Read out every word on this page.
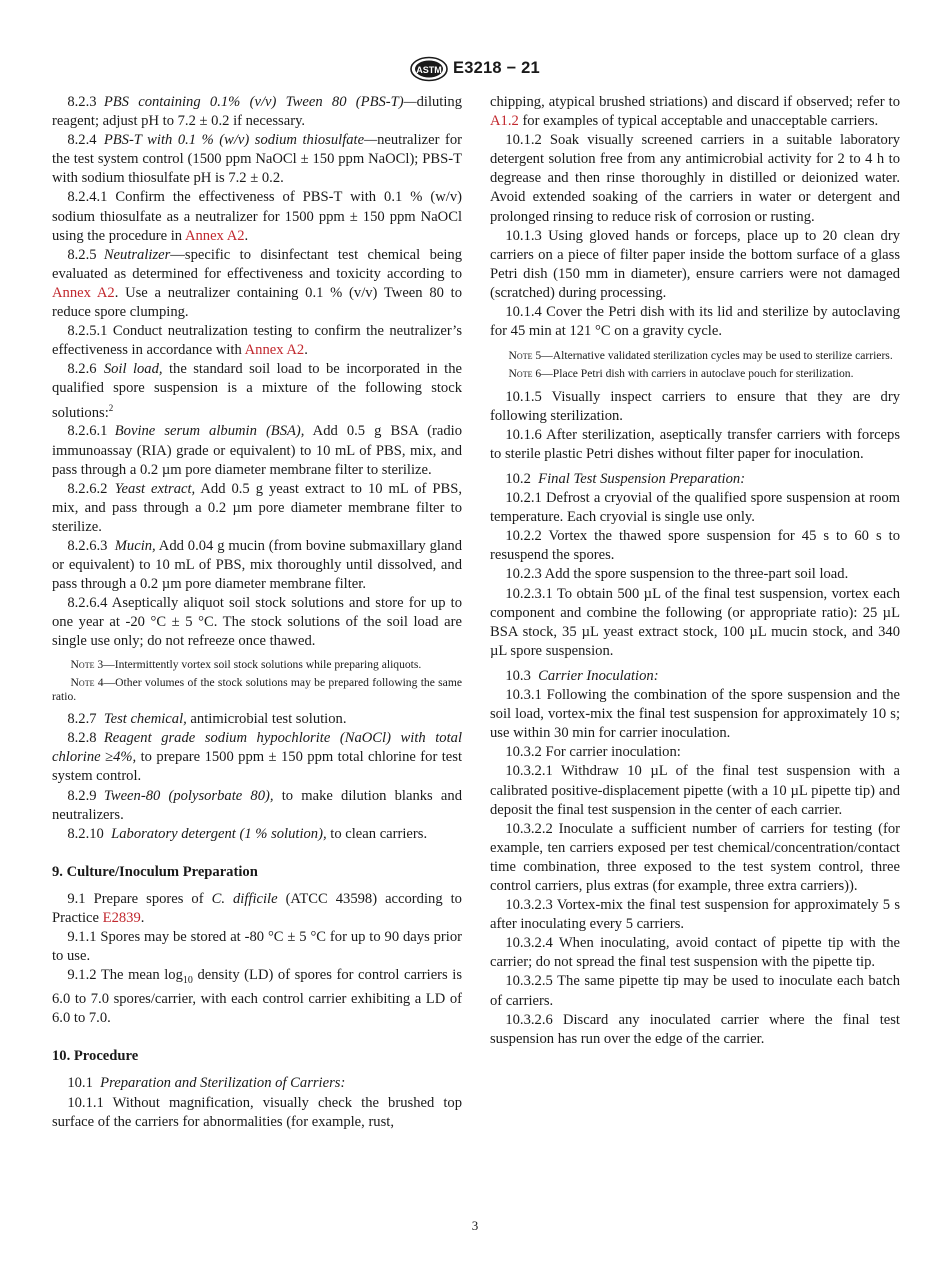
ASTM E3218 − 21

8.2.3  PBS containing 0.1% (v/v) Tween 80 (PBS-T)—diluting reagent; adjust pH to 7.2 ± 0.2 if necessary.

8.2.4  PBS-T with 0.1 % (w/v) sodium thiosulfate—neutralizer for the test system control (1500 ppm NaOCl ± 150 ppm NaOCl); PBS-T with sodium thiosulfate pH is 7.2 ± 0.2.

8.2.4.1 Confirm the effectiveness of PBS-T with 0.1 % (w/v) sodium thiosulfate as a neutralizer for 1500 ppm ± 150 ppm NaOCl using the procedure in Annex A2.

8.2.5  Neutralizer—specific to disinfectant test chemical being evaluated as determined for effectiveness and toxicity according to Annex A2. Use a neutralizer containing 0.1 % (v/v) Tween 80 to reduce spore clumping.

8.2.5.1 Conduct neutralization testing to confirm the neutralizer’s effectiveness in accordance with Annex A2.

8.2.6  Soil load, the standard soil load to be incorporated in the qualified spore suspension is a mixture of the following stock solutions:$^2$

8.2.6.1  Bovine serum albumin (BSA), Add 0.5 g BSA (radio immunoassay (RIA) grade or equivalent) to 10 mL of PBS, mix, and pass through a 0.2 µm pore diameter membrane filter to sterilize.

8.2.6.2  Yeast extract, Add 0.5 g yeast extract to 10 mL of PBS, mix, and pass through a 0.2 µm pore diameter membrane filter to sterilize.

8.2.6.3  Mucin, Add 0.04 g mucin (from bovine submaxillary gland or equivalent) to 10 mL of PBS, mix thoroughly until dissolved, and pass through a 0.2 µm pore diameter membrane filter.

8.2.6.4 Aseptically aliquot soil stock solutions and store for up to one year at -20 °C ± 5 °C. The stock solutions of the soil load are single use only; do not refreeze once thawed.

Note 3—Intermittently vortex soil stock solutions while preparing aliquots.

Note 4—Other volumes of the stock solutions may be prepared following the same ratio.

8.2.7  Test chemical, antimicrobial test solution.

8.2.8  Reagent grade sodium hypochlorite (NaOCl) with total chlorine ≥4%, to prepare 1500 ppm ± 150 ppm total chlorine for test system control.

8.2.9  Tween-80 (polysorbate 80), to make dilution blanks and neutralizers.

8.2.10  Laboratory detergent (1 % solution), to clean carriers.

9. Culture/Inoculum Preparation

9.1 Prepare spores of C. difficile (ATCC 43598) according to Practice E2839.

9.1.1 Spores may be stored at -80 °C ± 5 °C for up to 90 days prior to use.

9.1.2 The mean $\log_{10}$ density (LD) of spores for control carriers is 6.0 to 7.0 spores/carrier, with each control carrier exhibiting a LD of 6.0 to 7.0.

10. Procedure

10.1  Preparation and Sterilization of Carriers:

10.1.1 Without magnification, visually check the brushed top surface of the carriers for abnormalities (for example, rust,

chipping, atypical brushed striations) and discard if observed; refer to A1.2 for examples of typical acceptable and unacceptable carriers.

10.1.2 Soak visually screened carriers in a suitable laboratory detergent solution free from any antimicrobial activity for 2 to 4 h to degrease and then rinse thoroughly in distilled or deionized water. Avoid extended soaking of the carriers in water or detergent and prolonged rinsing to reduce risk of corrosion or rusting.

10.1.3 Using gloved hands or forceps, place up to 20 clean dry carriers on a piece of filter paper inside the bottom surface of a glass Petri dish (150 mm in diameter), ensure carriers were not damaged (scratched) during processing.

10.1.4 Cover the Petri dish with its lid and sterilize by autoclaving for 45 min at 121 °C on a gravity cycle.

Note 5—Alternative validated sterilization cycles may be used to sterilize carriers.

Note 6—Place Petri dish with carriers in autoclave pouch for sterilization.

10.1.5 Visually inspect carriers to ensure that they are dry following sterilization.

10.1.6 After sterilization, aseptically transfer carriers with forceps to sterile plastic Petri dishes without filter paper for inoculation.

10.2  Final Test Suspension Preparation:

10.2.1 Defrost a cryovial of the qualified spore suspension at room temperature. Each cryovial is single use only.

10.2.2 Vortex the thawed spore suspension for 45 s to 60 s to resuspend the spores.

10.2.3 Add the spore suspension to the three-part soil load.

10.2.3.1 To obtain 500 µL of the final test suspension, vortex each component and combine the following (or appropriate ratio): 25 µL BSA stock, 35 µL yeast extract stock, 100 µL mucin stock, and 340 µL spore suspension.

10.3  Carrier Inoculation:

10.3.1 Following the combination of the spore suspension and the soil load, vortex-mix the final test suspension for approximately 10 s; use within 30 min for carrier inoculation.

10.3.2 For carrier inoculation:

10.3.2.1 Withdraw 10 µL of the final test suspension with a calibrated positive-displacement pipette (with a 10 µL pipette tip) and deposit the final test suspension in the center of each carrier.

10.3.2.2 Inoculate a sufficient number of carriers for testing (for example, ten carriers exposed per test chemical/concentration/contact time combination, three exposed to the test system control, three control carriers, plus extras (for example, three extra carriers)).

10.3.2.3 Vortex-mix the final test suspension for approximately 5 s after inoculating every 5 carriers.

10.3.2.4 When inoculating, avoid contact of pipette tip with the carrier; do not spread the final test suspension with the pipette tip.

10.3.2.5 The same pipette tip may be used to inoculate each batch of carriers.

10.3.2.6 Discard any inoculated carrier where the final test suspension has run over the edge of the carrier.

3
